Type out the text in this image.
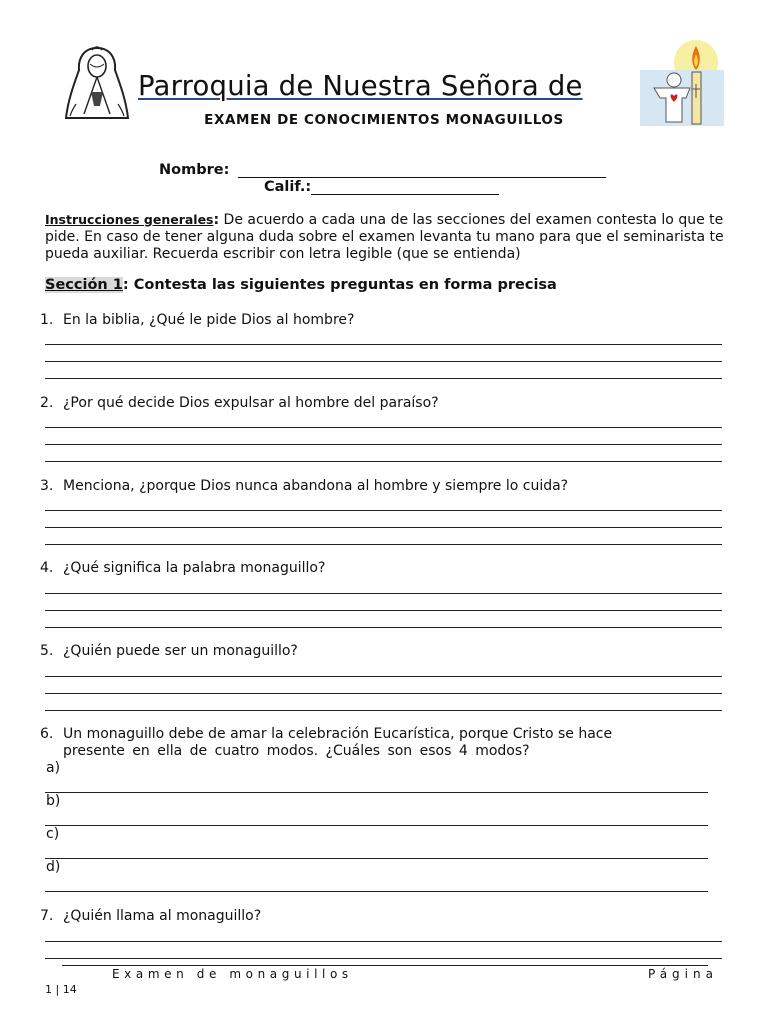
Parroquia de Nuestra Señora de
EXAMEN DE CONOCIMIENTOS MONAGUILLOS
Nombre:
Calif.:
Instrucciones generales: De acuerdo a cada una de las secciones del examen contesta lo que te pide. En caso de tener alguna duda sobre el examen levanta tu mano para que el seminarista te pueda auxiliar. Recuerda escribir con letra legible (que se entienda)
Sección 1: Contesta las siguientes preguntas en forma precisa
1. En la biblia, ¿Qué le pide Dios al hombre?
2. ¿Por qué decide Dios expulsar al hombre del paraíso?
3. Menciona, ¿porque Dios nunca abandona al hombre y siempre lo cuida?
4. ¿Qué significa la palabra monaguillo?
5. ¿Quién puede ser un monaguillo?
6. Un monaguillo debe de amar la celebración Eucarística, porque Cristo se hace
presente en ella de cuatro modos. ¿Cuáles son esos 4 modos?
a)
b)
c)
d)
7. ¿Quién llama al monaguillo?
Examen de monaguillos	Página
1 | 14
